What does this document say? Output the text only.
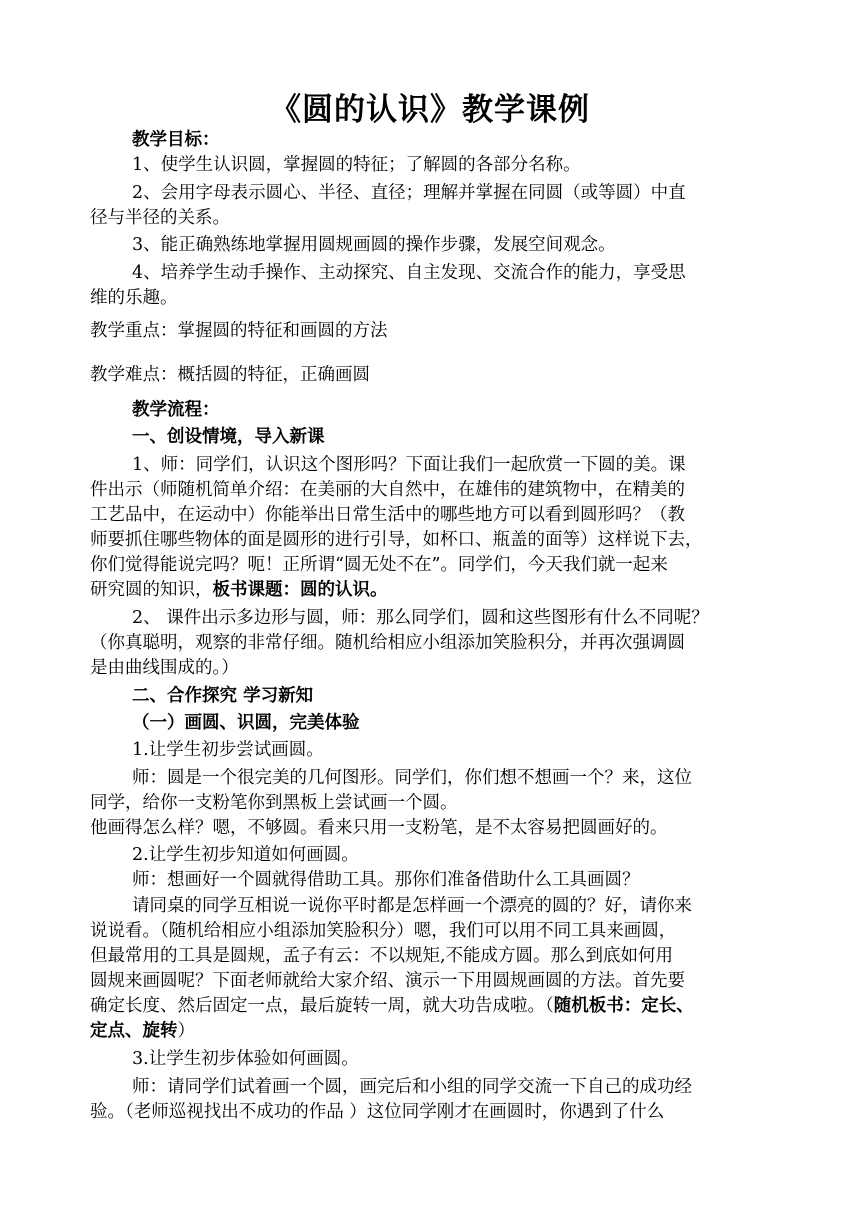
《圆的认识》教学课例
教学目标：
1、使学生认识圆，掌握圆的特征；了解圆的各部分名称。
2、会用字母表示圆心、半径、直径；理解并掌握在同圆（或等圆）中直
径与半径的关系。
3、能正确熟练地掌握用圆规画圆的操作步骤，发展空间观念。
4、培养学生动手操作、主动探究、自主发现、交流合作的能力，享受思
维的乐趣。
教学重点：掌握圆的特征和画圆的方法
教学难点：概括圆的特征，正确画圆
教学流程：
一、创设情境，导入新课
1、师：同学们，认识这个图形吗？下面让我们一起欣赏一下圆的美。课
件出示（师随机简单介绍：在美丽的大自然中，在雄伟的建筑物中，在精美的
工艺品中，在运动中）你能举出日常生活中的哪些地方可以看到圆形吗？（教
师要抓住哪些物体的面是圆形的进行引导，如杯口、瓶盖的面等）这样说下去，
你们觉得能说完吗？呃！正所谓“圆无处不在”。同学们，今天我们就一起来
研究圆的知识，板书课题：圆的认识。
2、 课件出示多边形与圆，师：那么同学们，圆和这些图形有什么不同呢？
（你真聪明，观察的非常仔细。随机给相应小组添加笑脸积分，并再次强调圆
是由曲线围成的。）
二、合作探究 学习新知
（一）画圆、识圆，完美体验
1.让学生初步尝试画圆。
师：圆是一个很完美的几何图形。同学们，你们想不想画一个？来，这位
同学，给你一支粉笔你到黑板上尝试画一个圆。
他画得怎么样？嗯，不够圆。看来只用一支粉笔，是不太容易把圆画好的。
2.让学生初步知道如何画圆。
师：想画好一个圆就得借助工具。那你们准备借助什么工具画圆？
请同桌的同学互相说一说你平时都是怎样画一个漂亮的圆的？好，请你来
说说看。（随机给相应小组添加笑脸积分）嗯，我们可以用不同工具来画圆，
但最常用的工具是圆规，孟子有云：不以规矩,不能成方圆。那么到底如何用
圆规来画圆呢？下面老师就给大家介绍、演示一下用圆规画圆的方法。首先要
确定长度、然后固定一点，最后旋转一周，就大功告成啦。（随机板书：定长、
定点、旋转）
3.让学生初步体验如何画圆。
师：请同学们试着画一个圆，画完后和小组的同学交流一下自己的成功经
验。（老师巡视找出不成功的作品 ）这位同学刚才在画圆时，你遇到了什么
